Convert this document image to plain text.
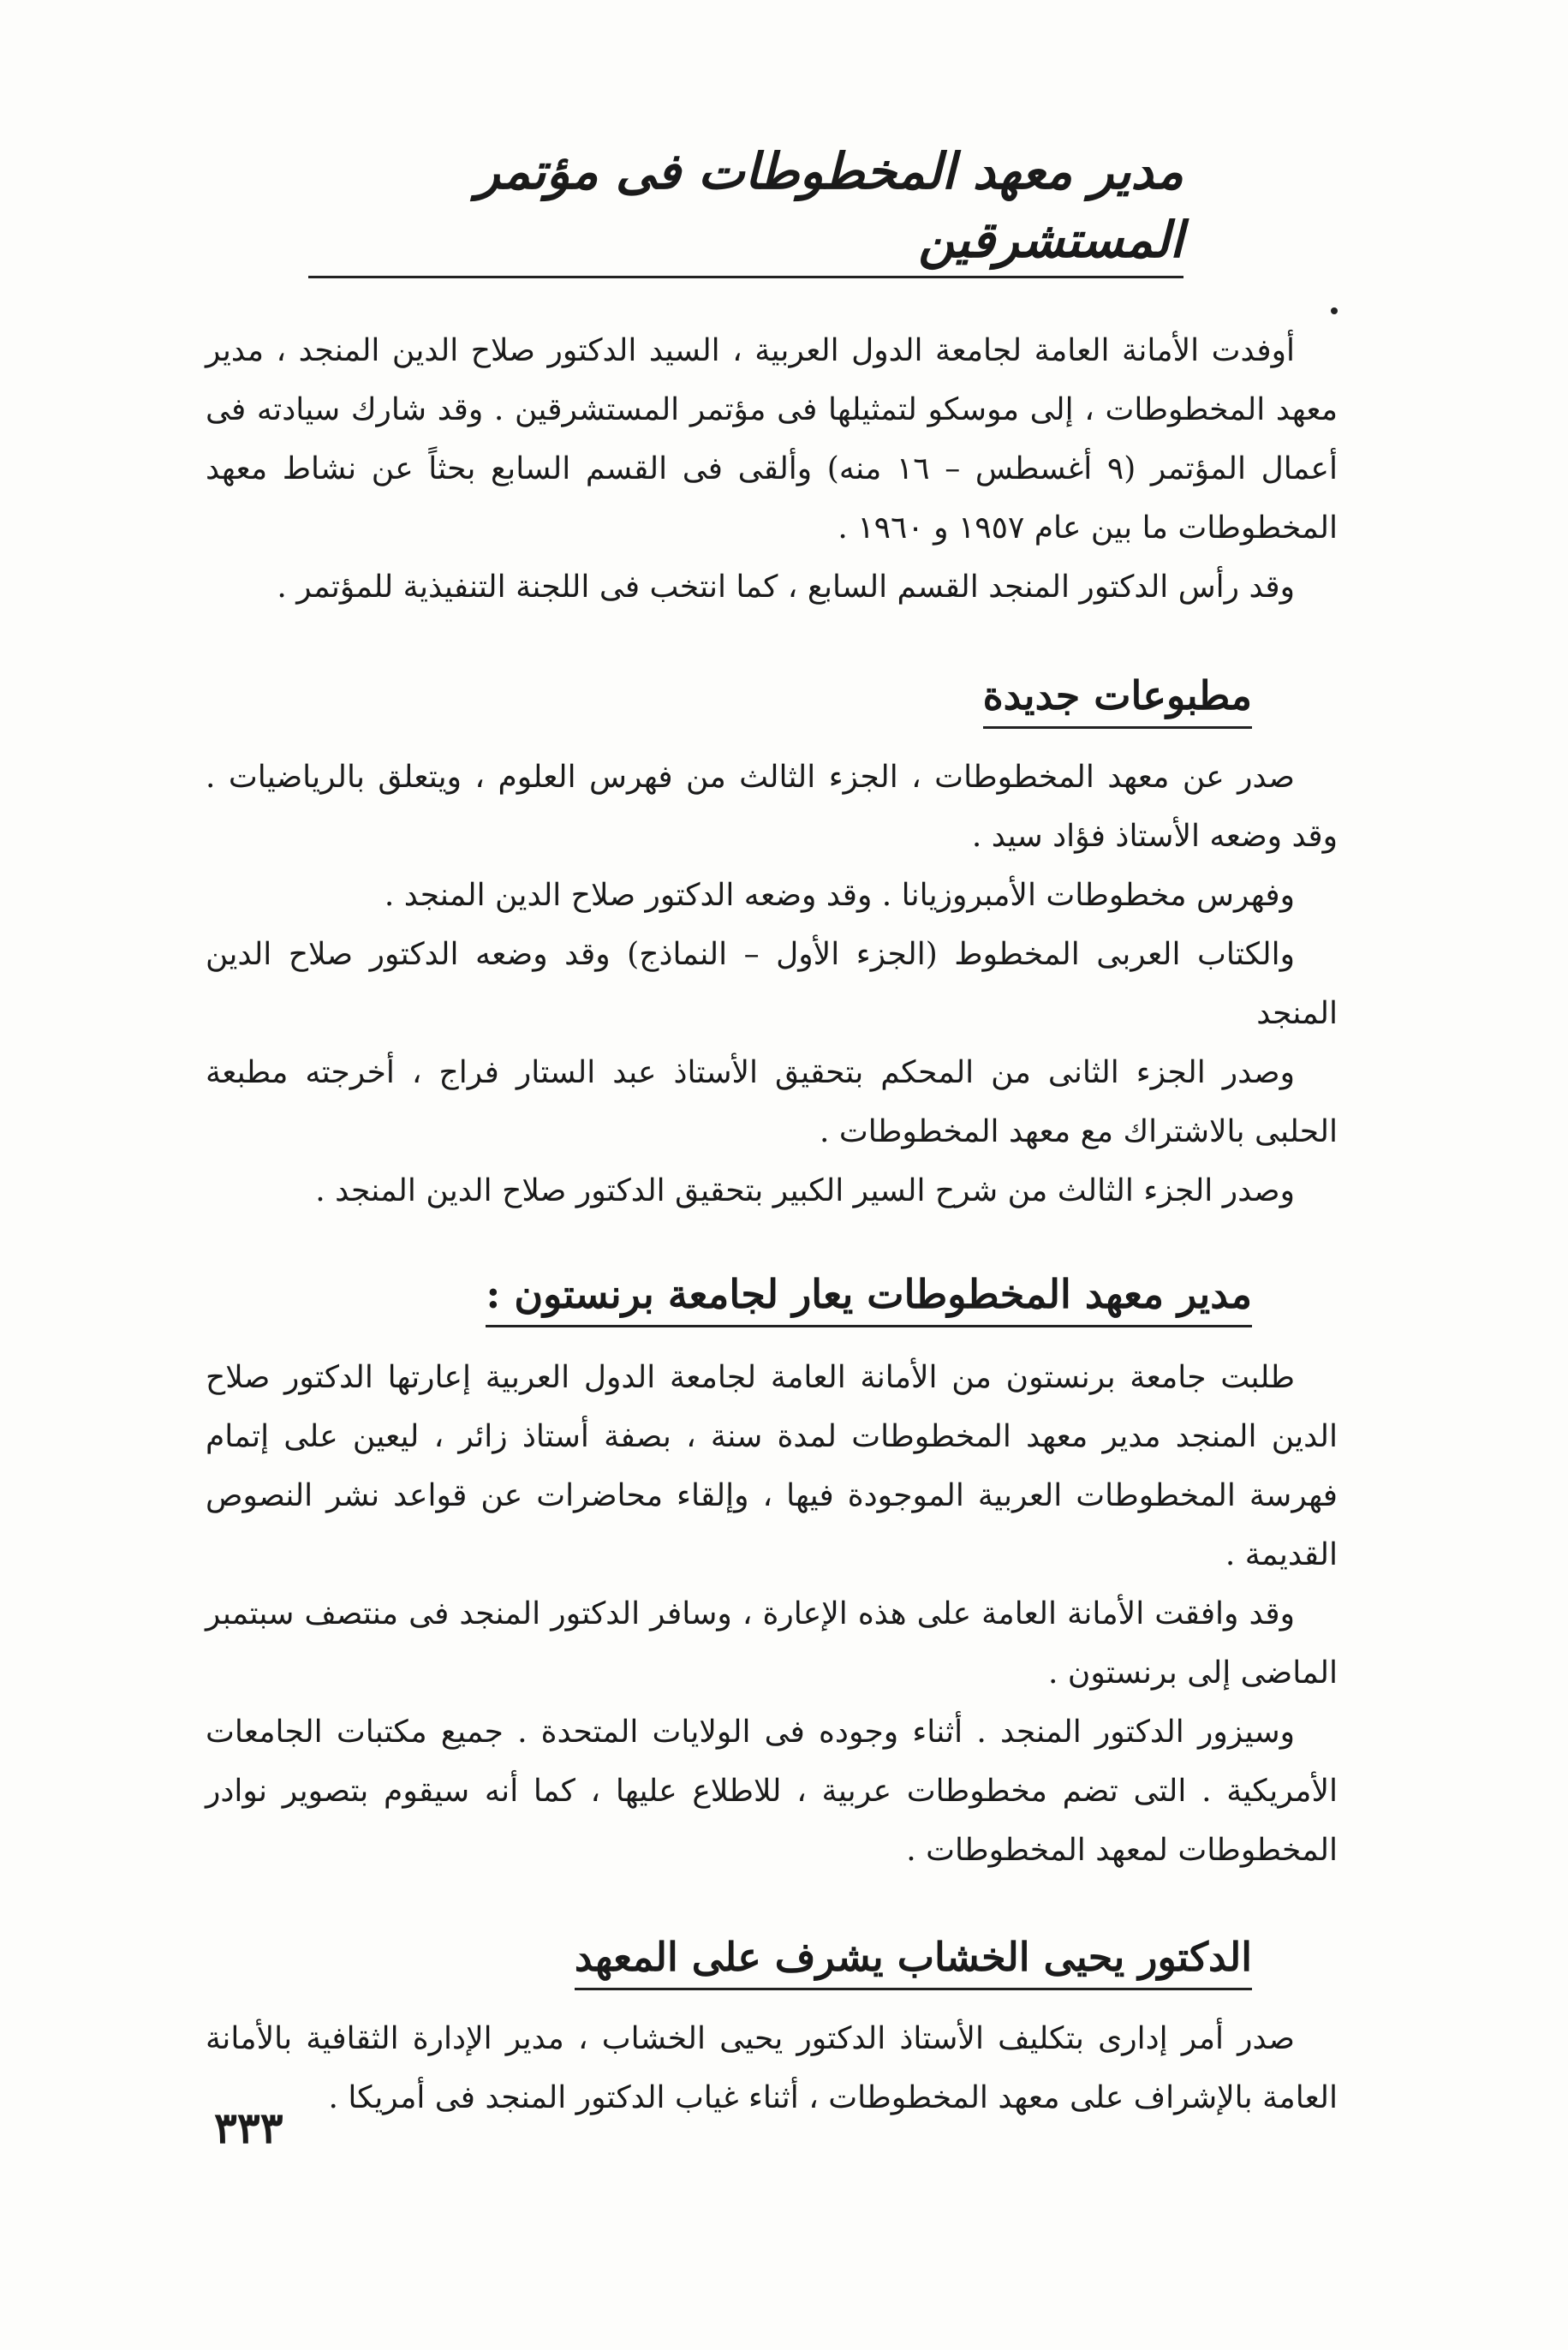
مدير معهد المخطوطات فى مؤتمر المستشرقين

أوفدت الأمانة العامة لجامعة الدول العربية ، السيد الدكتور صلاح الدين المنجد ، مدير معهد المخطوطات ، إلى موسكو لتمثيلها فى مؤتمر المستشرقين . وقد شارك سيادته فى أعمال المؤتمر (٩ أغسطس – ١٦ منه) وألقى فى القسم السابع بحثاً عن نشاط معهد المخطوطات ما بين عام ١٩٥٧ و ١٩٦٠ .

وقد رأس الدكتور المنجد القسم السابع ، كما انتخب فى اللجنة التنفيذية للمؤتمر .

مطبوعات جديدة

صدر عن معهد المخطوطات ، الجزء الثالث من فهرس العلوم ، ويتعلق بالرياضيات . وقد وضعه الأستاذ فؤاد سيد .

وفهرس مخطوطات الأمبروزيانا . وقد وضعه الدكتور صلاح الدين المنجد .

والكتاب العربى المخطوط (الجزء الأول – النماذج) وقد وضعه الدكتور صلاح الدين المنجد

وصدر الجزء الثانى من المحكم بتحقيق الأستاذ عبد الستار فراج ، أخرجته مطبعة الحلبى بالاشتراك مع معهد المخطوطات .

وصدر الجزء الثالث من شرح السير الكبير بتحقيق الدكتور صلاح الدين المنجد .

مدير معهد المخطوطات يعار لجامعة برنستون :

طلبت جامعة برنستون من الأمانة العامة لجامعة الدول العربية إعارتها الدكتور صلاح الدين المنجد مدير معهد المخطوطات لمدة سنة ، بصفة أستاذ زائر ، ليعين على إتمام فهرسة المخطوطات العربية الموجودة فيها ، وإلقاء محاضرات عن قواعد نشر النصوص القديمة .

وقد وافقت الأمانة العامة على هذه الإعارة ، وسافر الدكتور المنجد فى منتصف سبتمبر الماضى إلى برنستون .

وسيزور الدكتور المنجد . أثناء وجوده فى الولايات المتحدة . جميع مكتبات الجامعات الأمريكية . التى تضم مخطوطات عربية ، للاطلاع عليها ، كما أنه سيقوم بتصوير نوادر المخطوطات لمعهد المخطوطات .

الدكتور يحيى الخشاب يشرف على المعهد

صدر أمر إدارى بتكليف الأستاذ الدكتور يحيى الخشاب ، مدير الإدارة الثقافية بالأمانة العامة بالإشراف على معهد المخطوطات ، أثناء غياب الدكتور المنجد فى أمريكا .

٣٣٣
